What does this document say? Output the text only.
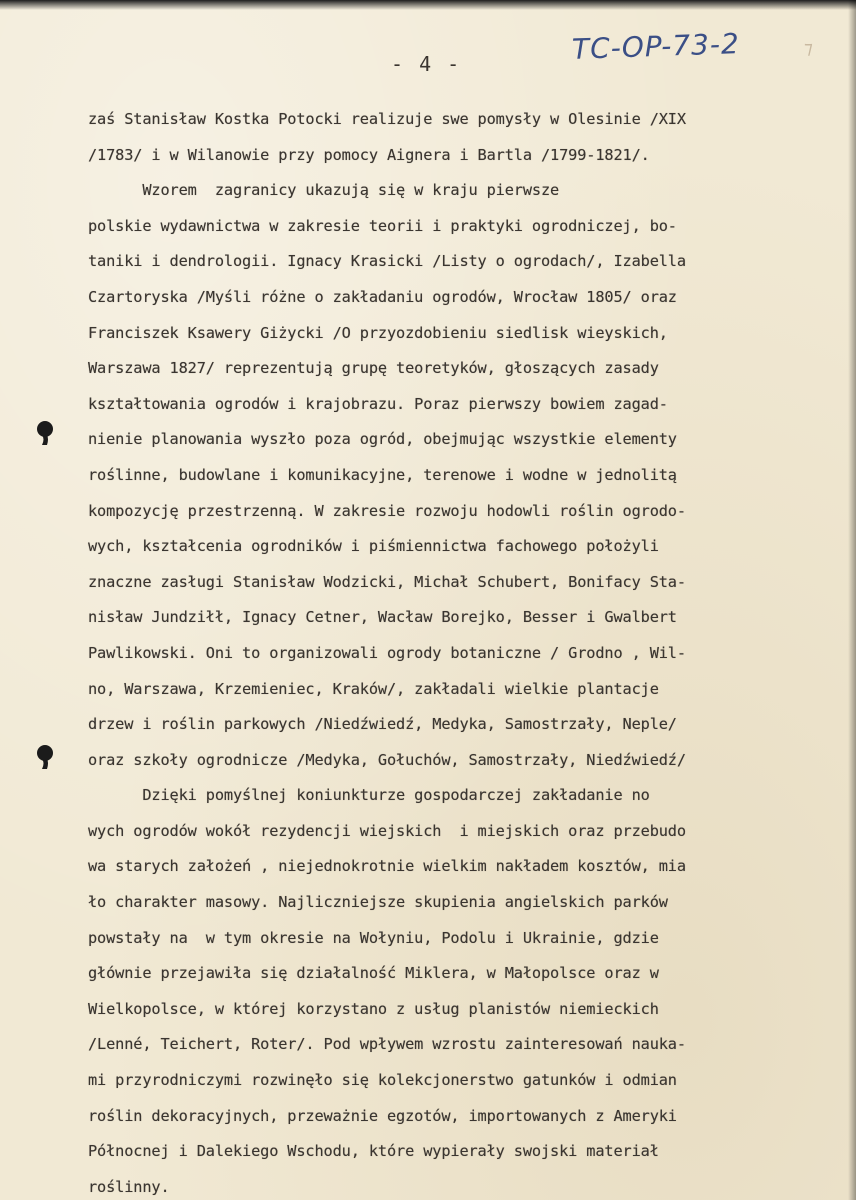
- 4 -	TC-OP-73-2	⁊
zaś Stanisław Kostka Potocki realizuje swe pomysły w Olesinie /XIX
/1783/ i w Wilanowie przy pomocy Aignera i Bartla /1799-1821/.
Wzorem  zagranicy ukazują się w kraju pierwsze
polskie wydawnictwa w zakresie teorii i praktyki ogrodniczej, bo-
taniki i dendrologii. Ignacy Krasicki /Listy o ogrodach/, Izabella
Czartoryska /Myśli różne o zakładaniu ogrodów, Wrocław 1805/ oraz
Franciszek Ksawery Giżycki /O przyozdobieniu siedlisk wieyskich,
Warszawa 1827/ reprezentują grupę teoretyków, głoszących zasady
kształtowania ogrodów i krajobrazu. Poraz pierwszy bowiem zagad-
nienie planowania wyszło poza ogród, obejmując wszystkie elementy
roślinne, budowlane i komunikacyjne, terenowe i wodne w jednolitą
kompozycję przestrzenną. W zakresie rozwoju hodowli roślin ogrodo-
wych, kształcenia ogrodników i piśmiennictwa fachowego położyli
znaczne zasługi Stanisław Wodzicki, Michał Schubert, Bonifacy Sta-
nisław Jundziłł, Ignacy Cetner, Wacław Borejko, Besser i Gwalbert
Pawlikowski. Oni to organizowali ogrody botaniczne / Grodno , Wil-
no, Warszawa, Krzemieniec, Kraków/, zakładali wielkie plantacje
drzew i roślin parkowych /Niedźwiedź, Medyka, Samostrzały, Neple/
oraz szkoły ogrodnicze /Medyka, Gołuchów, Samostrzały, Niedźwiedź/
Dzięki pomyślnej koniunkturze gospodarczej zakładanie no
wych ogrodów wokół rezydencji wiejskich  i miejskich oraz przebudo
wa starych założeń , niejednokrotnie wielkim nakładem kosztów, mia
ło charakter masowy. Najliczniejsze skupienia angielskich parków
powstały na  w tym okresie na Wołyniu, Podolu i Ukrainie, gdzie
głównie przejawiła się działalność Miklera, w Małopolsce oraz w
Wielkopolsce, w której korzystano z usług planistów niemieckich
/Lenné, Teichert, Roter/. Pod wpływem wzrostu zainteresowań nauka-
mi przyrodniczymi rozwinęło się kolekcjonerstwo gatunków i odmian
roślin dekoracyjnych, przeważnie egzotów, importowanych z Ameryki
Północnej i Dalekiego Wschodu, które wypierały swojski materiał
roślinny.
